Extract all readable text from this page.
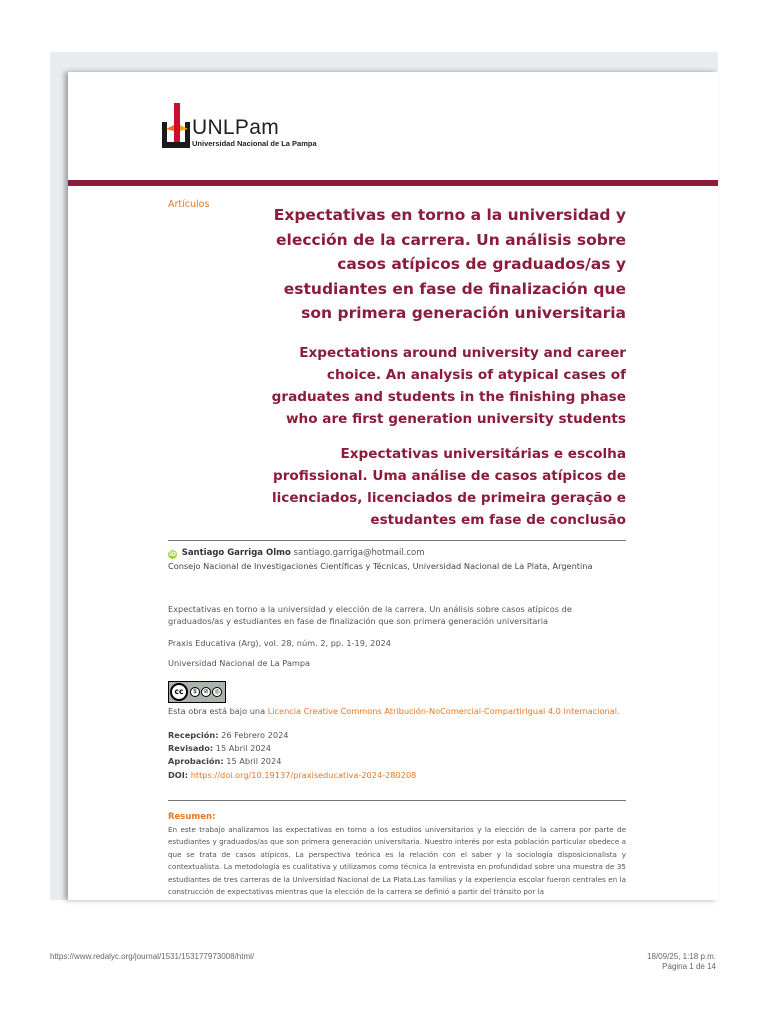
UNLPam
Universidad Nacional de La Pampa
Artículos

Expectativas en torno a la universidad y elección de la carrera. Un análisis sobre casos atípicos de graduados/as y estudiantes en fase de finalización que son primera generación universitaria

Expectations around university and career choice. An analysis of atypical cases of graduates and students in the finishing phase who are first generation university students

Expectativas universitárias e escolha profissional. Uma análise de casos atípicos de licenciados, licenciados de primeira geração e estudantes em fase de conclusão

iD Santiago Garriga Olmo santiago.garriga@hotmail.com
Consejo Nacional de Investigaciones Científicas y Técnicas, Universidad Nacional de La Plata, Argentina
Expectativas en torno a la universidad y elección de la carrera. Un análisis sobre casos atípicos de graduados/as y estudiantes en fase de finalización que son primera generación universitaria
Praxis Educativa (Arg), vol. 28, núm. 2, pp. 1-19, 2024
Universidad Nacional de La Pampa
cc	$	⊘ ◎
Esta obra está bajo una Licencia Creative Commons Atribución-NoComercial-CompartirIgual 4.0 Internacional.
Recepción: 26 Febrero 2024
Revisado: 15 Abril 2024
Aprobación: 15 Abril 2024
DOI: https://doi.org/10.19137/praxiseducativa-2024-280208
Resumen:
En este trabajo analizamos las expectativas en torno a los estudios universitarios y la elección de la carrera por parte de estudiantes y graduados/as que son primera generación universitaria. Nuestro interés por esta población particular obedece a que se trata de casos atípicos. La perspectiva teórica es la relación con el saber y la sociología disposicionalista y contextualista. La metodología es cualitativa y utilizamos como técnica la entrevista en profundidad sobre una muestra de 35 estudiantes de tres carreras de la Universidad Nacional de La Plata.Las familias y la experiencia escolar fueron centrales en la construcción de expectativas mientras que la elección de la carrera se definió a partir del tránsito por la
https://www.redalyc.org/journal/1531/153177973008/html/	18/09/25, 1:18 p.m.
Página 1 de 14
